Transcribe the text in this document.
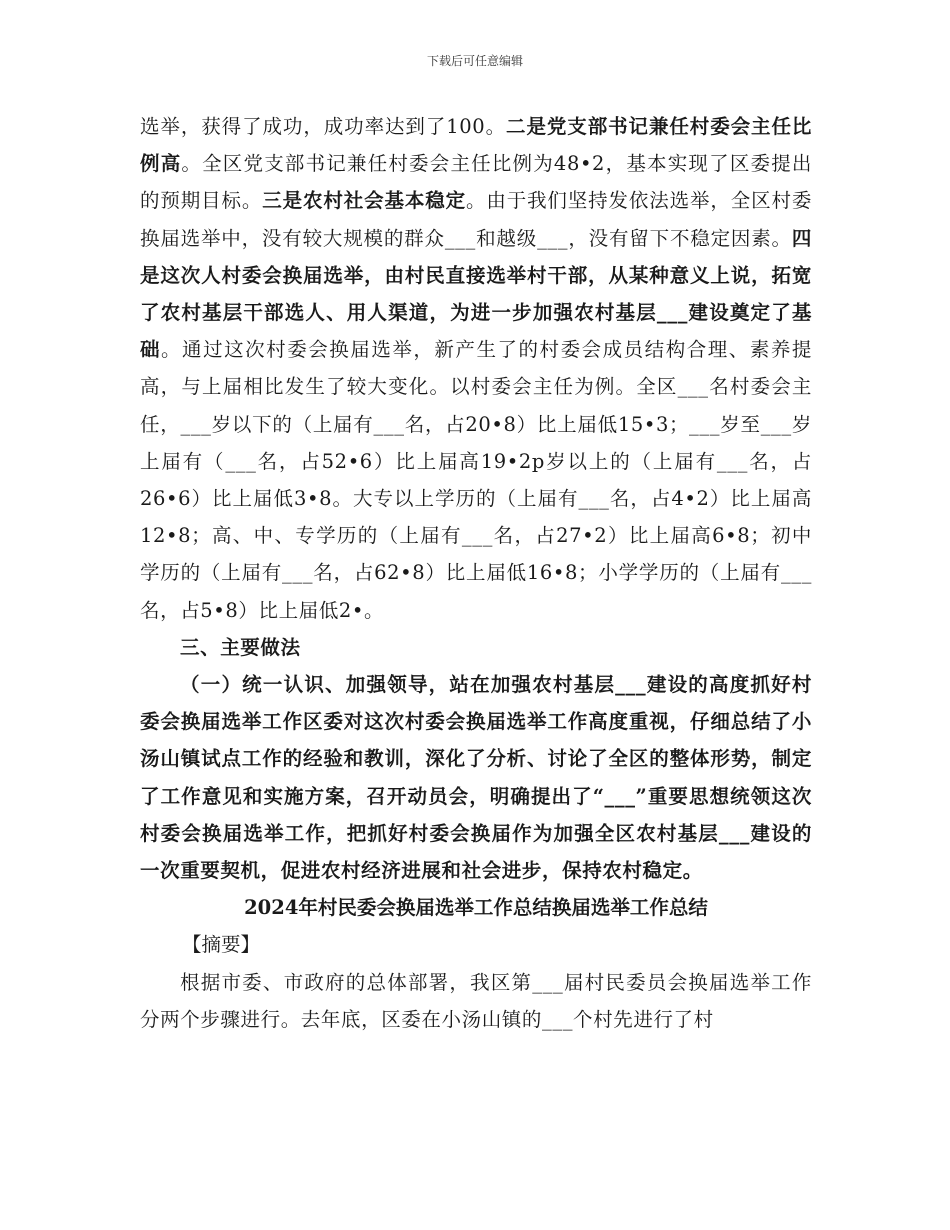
下载后可任意编辑

选举，获得了成功，成功率达到了100。二是党支部书记兼任村委会主任比例高。全区党支部书记兼任村委会主任比例为48•2，基本实现了区委提出的预期目标。三是农村社会基本稳定。由于我们坚持发依法选举，全区村委换届选举中，没有较大规模的群众___和越级___，没有留下不稳定因素。四是这次人村委会换届选举，由村民直接选举村干部，从某种意义上说，拓宽了农村基层干部选人、用人渠道，为进一步加强农村基层___建设奠定了基础。通过这次村委会换届选举，新产生了的村委会成员结构合理、素养提高，与上届相比发生了较大变化。以村委会主任为例。全区___名村委会主任，___岁以下的（上届有___名，占20•8）比上届低15•3；___岁至___岁上届有（___名，占52•6）比上届高19•2p岁以上的（上届有___名，占26•6）比上届低3•8。大专以上学历的（上届有___名，占4•2）比上届高12•8；高、中、专学历的（上届有___名，占27•2）比上届高6•8；初中学历的（上届有___名，占62•8）比上届低16•8；小学学历的（上届有___名，占5•8）比上届低2•。

三、主要做法

（一）统一认识、加强领导，站在加强农村基层___建设的高度抓好村委会换届选举工作区委对这次村委会换届选举工作高度重视，仔细总结了小汤山镇试点工作的经验和教训，深化了分析、讨论了全区的整体形势，制定了工作意见和实施方案，召开动员会，明确提出了“___”重要思想统领这次村委会换届选举工作，把抓好村委会换届作为加强全区农村基层___建设的一次重要契机，促进农村经济进展和社会进步，保持农村稳定。

2024年村民委会换届选举工作总结换届选举工作总结

【摘要】

根据市委、市政府的总体部署，我区第___届村民委员会换届选举工作分两个步骤进行。去年底，区委在小汤山镇的___个村先进行了村
